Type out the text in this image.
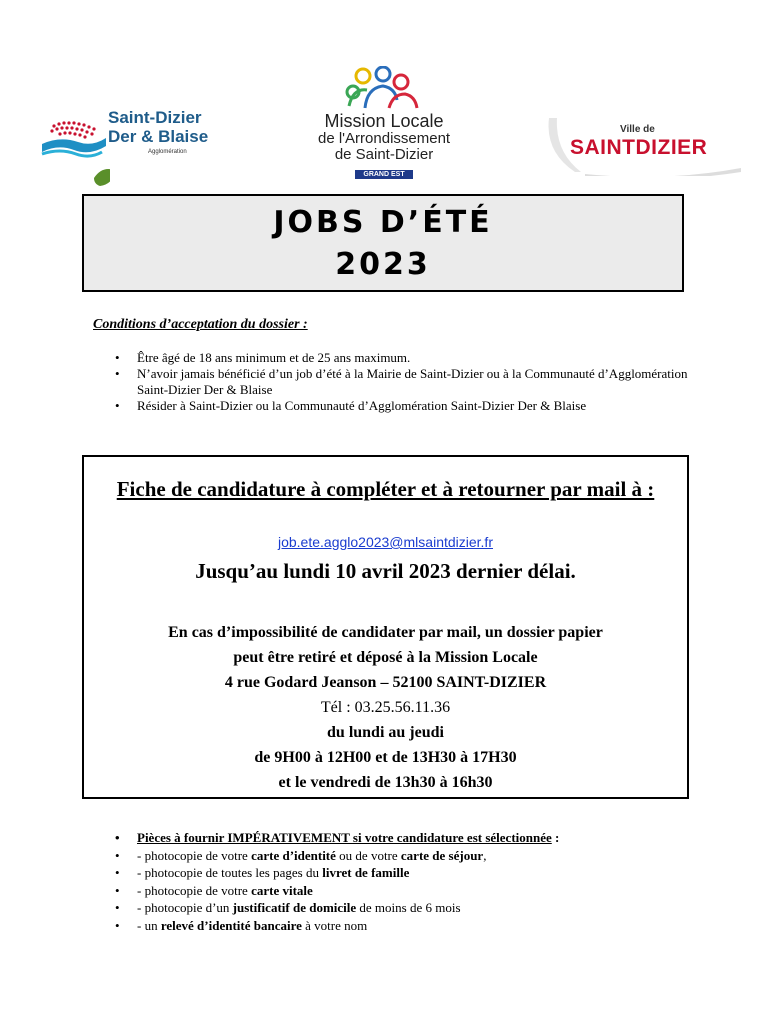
Saint-Dizier
Der & Blaise
Agglomération
Mission Locale
de l'Arrondissement
de Saint-Dizier
GRAND EST
Ville de
SAINTDIZIER
JOBS D’ÉTÉ
2023
Conditions d’acceptation du dossier :
• Être âgé de 18 ans minimum et de 25 ans maximum.
• N’avoir jamais bénéficié d’un job d’été à la Mairie de Saint-Dizier ou à la Communauté d’Agglomération Saint-Dizier Der & Blaise
• Résider à Saint-Dizier ou la Communauté d’Agglomération Saint-Dizier Der & Blaise
Fiche de candidature à compléter et à retourner par mail à :
job.ete.agglo2023@mlsaintdizier.fr
Jusqu’au lundi 10 avril 2023 dernier délai.
En cas d’impossibilité de candidater par mail, un dossier papier
peut être retiré et déposé à la Mission Locale
4 rue Godard Jeanson – 52100 SAINT-DIZIER
Tél : 03.25.56.11.36
du lundi au jeudi
de 9H00 à 12H00 et de 13H30 à 17H30
et le vendredi de 13h30 à 16h30
• Pièces à fournir IMPÉRATIVEMENT si votre candidature est sélectionnée :
• - photocopie de votre carte d’identité ou de votre carte de séjour,
• - photocopie de toutes les pages du livret de famille
• - photocopie de votre carte vitale
• - photocopie d’un justificatif de domicile de moins de 6 mois
• - un relevé d’identité bancaire à votre nom
